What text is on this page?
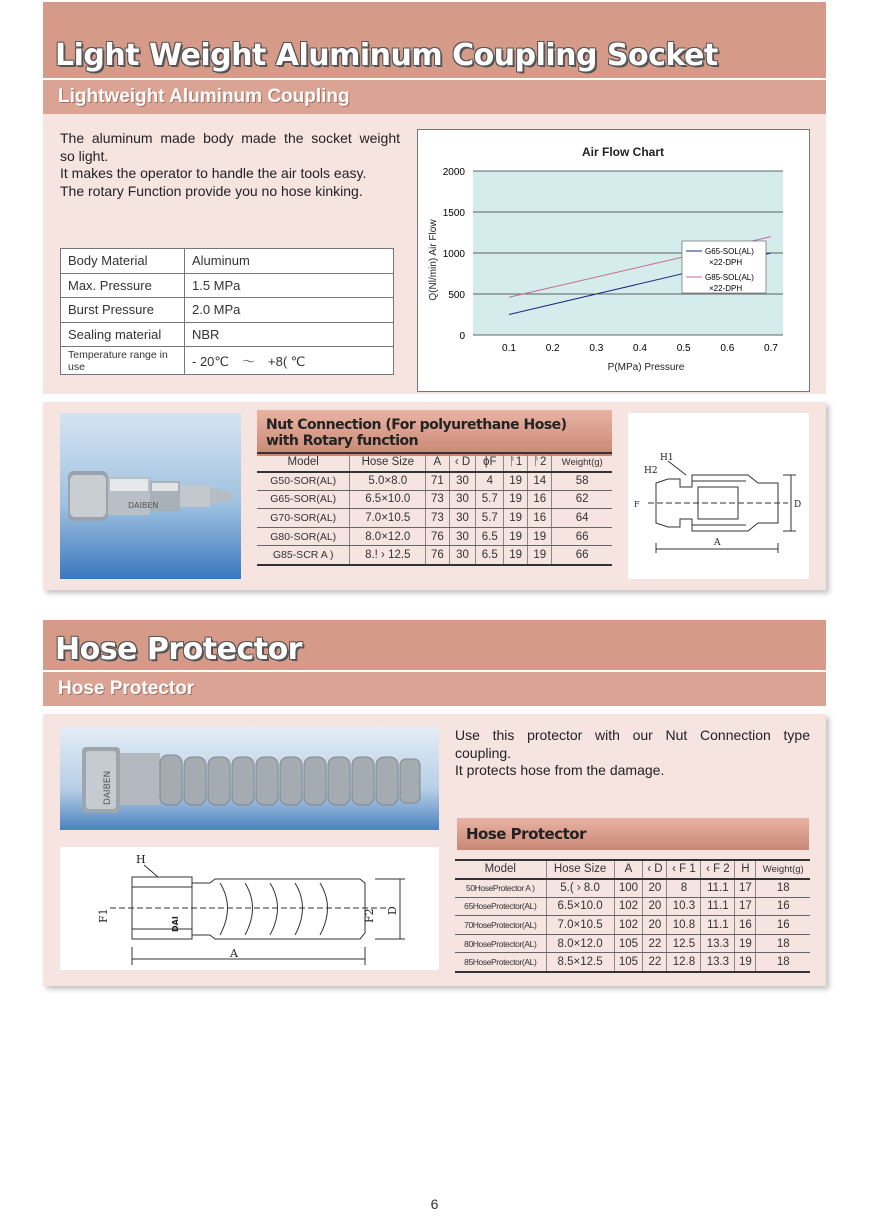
Light Weight Aluminum Coupling Socket
Lightweight Aluminum Coupling
The aluminum made body made the socket weight
so light.
It makes the operator to handle the air tools easy.
The rotary Function provide you no hose kinking.
Body Material	Aluminum
Max. Pressure	1.5 MPa
Burst Pressure	2.0 MPa
Sealing material	NBR
Temperature range in use	- 20℃　～　+8( ℃
Air Flow Chart
0
500
1000
1500
2000
0.1	0.2	0.3	0.4	0.5	0.6	0.7
Q(Nl/min) Air Flow
P(MPa) Pressure
G65-SOL(AL)
×22-DPH
G85-SOL(AL)
×22-DPH
DAIBEN
Nut Connection (For polyurethane Hose) with Rotary function
Model	Hose Size	A	‹ D	ϕF	ᚨ1	ᚨ2	Weight(g)
G50-SOR(AL)	5.0×8.0	71	30	4	19	14	58
G65-SOR(AL)	6.5×10.0	73	30	5.7	19	16	62
G70-SOR(AL)	7.0×10.5	73	30	5.7	19	16	64
G80-SOR(AL)	8.0×12.0	76	30	6.5	19	19	66
G85-SCR A )	8.! › 12.5	76	30	6.5	19	19	66
H1
H2
D
A
F
Hose Protector
Hose Protector
DAIBEN
H
F1	F2 D
A
DAI
Use this protector with our Nut Connection type
coupling.
It protects hose from the damage.
Hose Protector
Model	Hose Size	A	‹ D	‹ F 1	‹ F 2	H	Weight(g)
50HoseProtector A )	5.( › 8.0	100	20	8	11.1	17	18
65HoseProtector(AL)	6.5×10.0	102	20	10.3	11.1	17	16
70HoseProtector(AL)	7.0×10.5	102	20	10.8	11.1	16	16
80HoseProtector(AL)	8.0×12.0	105	22	12.5	13.3	19	18
85HoseProtector(AL)	8.5×12.5	105	22	12.8	13.3	19	18
6
